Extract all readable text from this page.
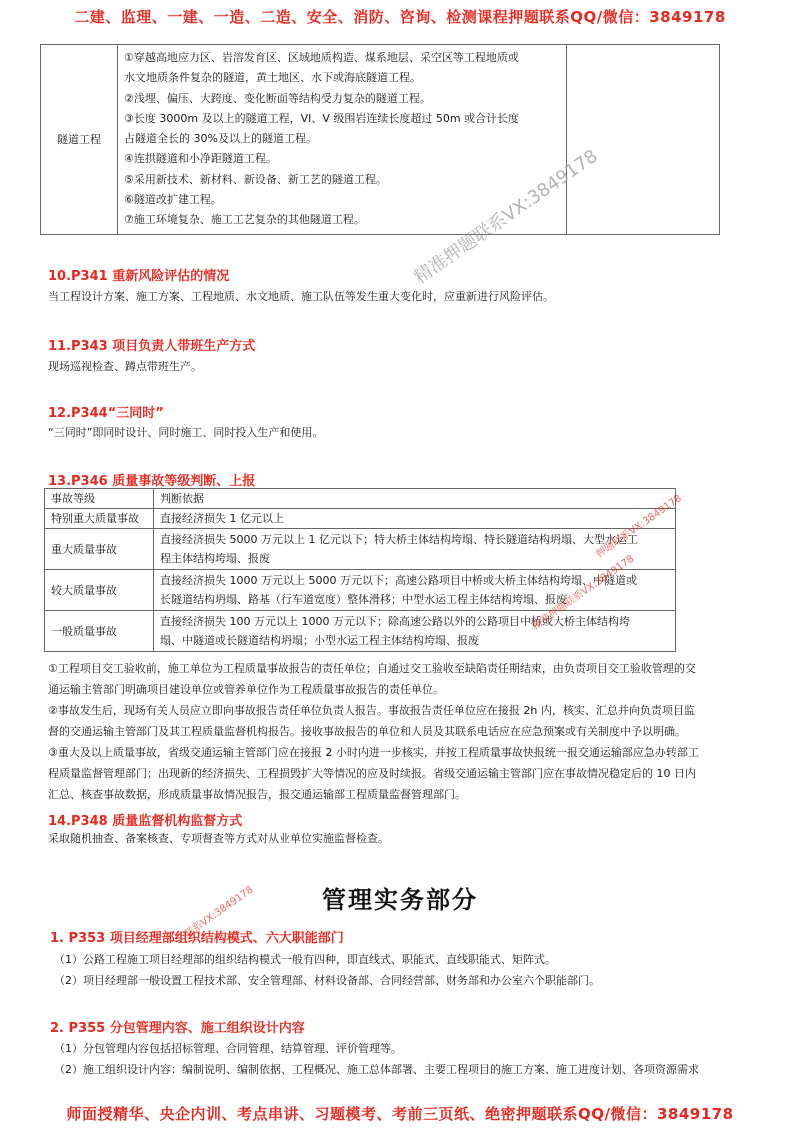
二建、监理、一建、一造、二造、安全、消防、咨询、检测课程押题联系QQ/微信：3849178
隧道工程	
①穿越高地应力区、岩溶发育区、区域地质构造、煤系地层、采空区等工程地质或
水文地质条件复杂的隧道，黄土地区、水下或海底隧道工程。
②浅埋、偏压、大跨度、变化断面等结构受力复杂的隧道工程。
③长度 3000m 及以上的隧道工程，VI、V 级围岩连续长度超过 50m 或合计长度
占隧道全长的 30%及以上的隧道工程。
④连拱隧道和小净距隧道工程。
⑤采用新技术、新材料、新设备、新工艺的隧道工程。
⑥隧道改扩建工程。
⑦施工环境复杂、施工工艺复杂的其他隧道工程。
		精准押题联系VX:3849178
10.P341 重新风险评估的情况
当工程设计方案、施工方案、工程地质、水文地质、施工队伍等发生重大变化时，应重新进行风险评估。
11.P343 项目负责人带班生产方式
现场巡视检查、蹲点带班生产。
12.P344“三同时”
“三同时”即同时设计、同时施工、同时投入生产和使用。
13.P346 质量事故等级判断、上报
事故等级	判断依据
特别重大质量事故	直接经济损失 1 亿元以上

重大质量事故	直接经济损失 5000 万元以上 1 亿元以下；特大桥主体结构垮塌、特长隧道结构坍塌、大型水运工
程主体结构垮塌、报废

较大质量事故	直接经济损失 1000 万元以上 5000 万元以下；高速公路项目中桥或大桥主体结构垮塌、中隧道或
长隧道结构坍塌、路基（行车道宽度）整体滑移；中型水运工程主体结构垮塌、报废

一般质量事故	直接经济损失 100 万元以上 1000 万元以下；除高速公路以外的公路项目中桥或大桥主体结构垮
塌、中隧道或长隧道结构坍塌；小型水运工程主体结构垮塌、报废
精准押题联系VX:3849178
押题联系VX:3849178

①工程项目交工验收前，施工单位为工程质量事故报告的责任单位；自通过交工验收至缺陷责任期结束，由负责项目交工验收管理的交

通运输主管部门明确项目建设单位或管养单位作为工程质量事故报告的责任单位。

②事故发生后，现场有关人员应立即向事故报告责任单位负责人报告。事故报告责任单位应在接报 2h 内，核实、汇总并向负责项目监

督的交通运输主管部门及其工程质量监督机构报告。接收事故报告的单位和人员及其联系电话应在应急预案或有关制度中予以明确。

③重大及以上质量事故，省级交通运输主管部门应在接报 2 小时内进一步核实，并按工程质量事故快报统一报交通运输部应急办转部工

程质量监督管理部门；出现新的经济损失、工程损毁扩大等情况的应及时续报。省级交通运输主管部门应在事故情况稳定后的 10 日内

汇总、核查事故数据，形成质量事故情况报告，报交通运输部工程质量监督管理部门。

14.P348 质量监督机构监督方式
采取随机抽查、备案核查、专项督查等方式对从业单位实施监督检查。
联系VX:3849178	管理实务部分
1. P353 项目经理部组织结构模式、六大职能部门
（1）公路工程施工项目经理部的组织结构模式一般有四种，即直线式、职能式、直线职能式、矩阵式。
（2）项目经理部一般设置工程技术部、安全管理部、材料设备部、合同经营部、财务部和办公室六个职能部门。
2. P355 分包管理内容、施工组织设计内容
（1）分包管理内容包括招标管理、合同管理、结算管理、评价管理等。
（2）施工组织设计内容：编制说明、编制依据、工程概况、施工总体部署、主要工程项目的施工方案、施工进度计划、各项资源需求
师面授精华、央企内训、考点串讲、习题模考、考前三页纸、绝密押题联系QQ/微信：3849178
